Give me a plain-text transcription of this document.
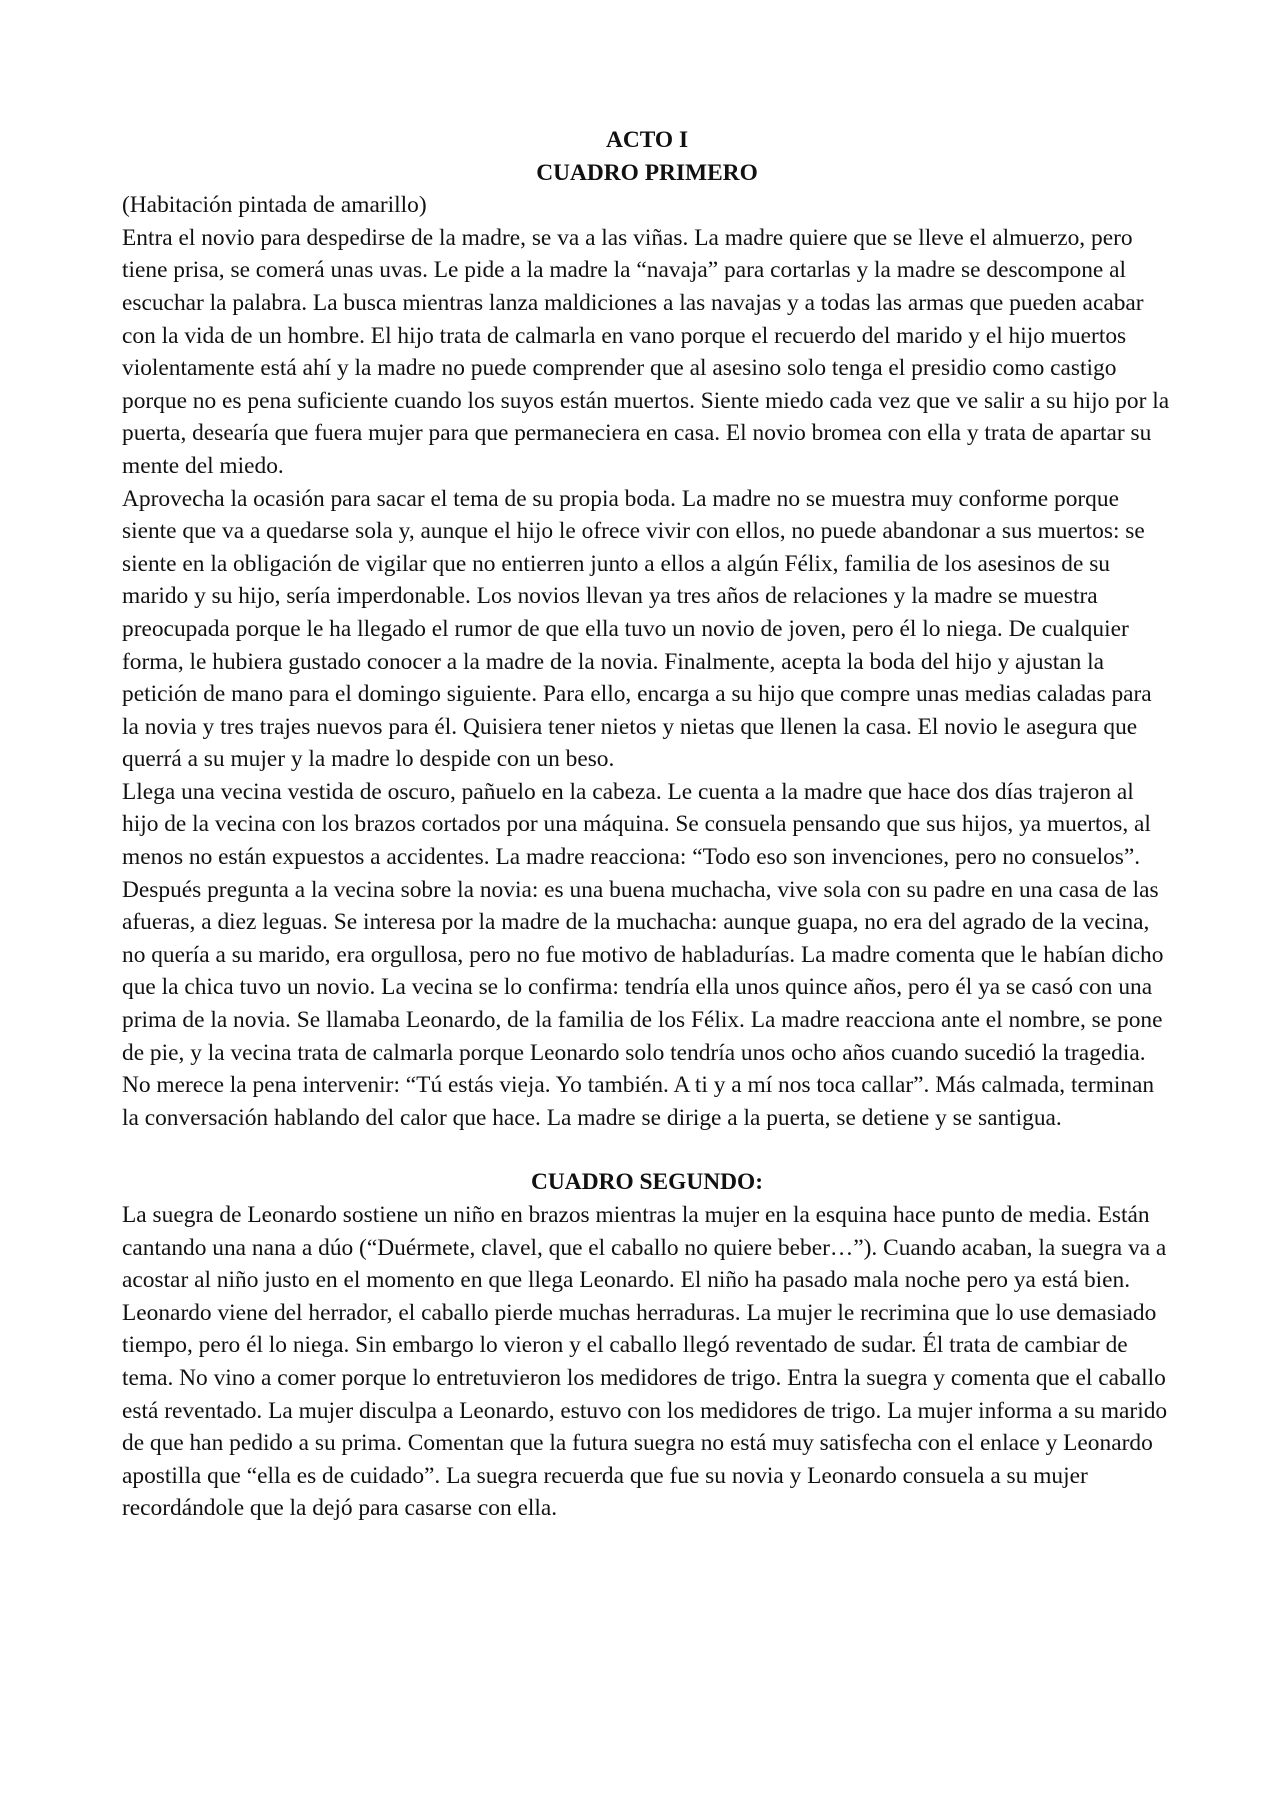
ACTO I

CUADRO PRIMERO

(Habitación pintada de amarillo)

Entra el novio para despedirse de la madre, se va a las viñas. La madre quiere que se lleve el almuerzo, pero tiene prisa, se comerá unas uvas. Le pide a la madre la “navaja” para cortarlas y la madre se descompone al escuchar la palabra. La busca mientras lanza maldiciones a las navajas y a todas las armas que pueden acabar con la vida de un hombre. El hijo trata de calmarla en vano porque el recuerdo del marido y el hijo muertos violentamente está ahí y la madre no puede comprender que al asesino solo tenga el presidio como castigo porque no es pena suficiente cuando los suyos están muertos. Siente miedo cada vez que ve salir a su hijo por la puerta, desearía que fuera mujer para que permaneciera en casa. El novio bromea con ella y trata de apartar su mente del miedo.

Aprovecha la ocasión para sacar el tema de su propia boda. La madre no se muestra muy conforme porque siente que va a quedarse sola y, aunque el hijo le ofrece vivir con ellos, no puede abandonar a sus muertos: se siente en la obligación de vigilar que no entierren junto a ellos a algún Félix, familia de los asesinos de su marido y su hijo, sería imperdonable. Los novios llevan ya tres años de relaciones y la madre se muestra preocupada porque le ha llegado el rumor de que ella tuvo un novio de joven, pero él lo niega. De cualquier forma, le hubiera gustado conocer a la madre de la novia. Finalmente, acepta la boda del hijo y ajustan la petición de mano para el domingo siguiente. Para ello, encarga a su hijo que compre unas medias caladas para la novia y tres trajes nuevos para él. Quisiera tener nietos y nietas que llenen la casa. El novio le asegura que querrá a su mujer y la madre lo despide con un beso.

Llega una vecina vestida de oscuro, pañuelo en la cabeza. Le cuenta a la madre que hace dos días trajeron al hijo de la vecina con los brazos cortados por una máquina. Se consuela pensando que sus hijos, ya muertos, al menos no están expuestos a accidentes. La madre reacciona: “Todo eso son invenciones, pero no consuelos”. Después pregunta a la vecina sobre la novia: es una buena muchacha, vive sola con su padre en una casa de las afueras, a diez leguas. Se interesa por la madre de la muchacha: aunque guapa, no era del agrado de la vecina, no quería a su marido, era orgullosa, pero no fue motivo de habladurías. La madre comenta que le habían dicho que la chica tuvo un novio. La vecina se lo confirma: tendría ella unos quince años, pero él ya se casó con una prima de la novia. Se llamaba Leonardo, de la familia de los Félix. La madre reacciona ante el nombre, se pone de pie, y la vecina trata de calmarla porque Leonardo solo tendría unos ocho años cuando sucedió la tragedia. No merece la pena intervenir: “Tú estás vieja. Yo también. A ti y a mí nos toca callar”. Más calmada, terminan la conversación hablando del calor que hace. La madre se dirige a la puerta, se detiene y se santigua.

CUADRO SEGUNDO:

La suegra de Leonardo sostiene un niño en brazos mientras la mujer en la esquina hace punto de media. Están cantando una nana a dúo (“Duérmete, clavel, que el caballo no quiere beber…”). Cuando acaban, la suegra va a acostar al niño justo en el momento en que llega Leonardo. El niño ha pasado mala noche pero ya está bien. Leonardo viene del herrador, el caballo pierde muchas herraduras. La mujer le recrimina que lo use demasiado tiempo, pero él lo niega. Sin embargo lo vieron y el caballo llegó reventado de sudar. Él trata de cambiar de tema. No vino a comer porque lo entretuvieron los medidores de trigo. Entra la suegra y comenta que el caballo está reventado. La mujer disculpa a Leonardo, estuvo con los medidores de trigo. La mujer informa a su marido de que han pedido a su prima. Comentan que la futura suegra no está muy satisfecha con el enlace y Leonardo apostilla que “ella es de cuidado”. La suegra recuerda que fue su novia y Leonardo consuela a su mujer recordándole que la dejó para casarse con ella.
